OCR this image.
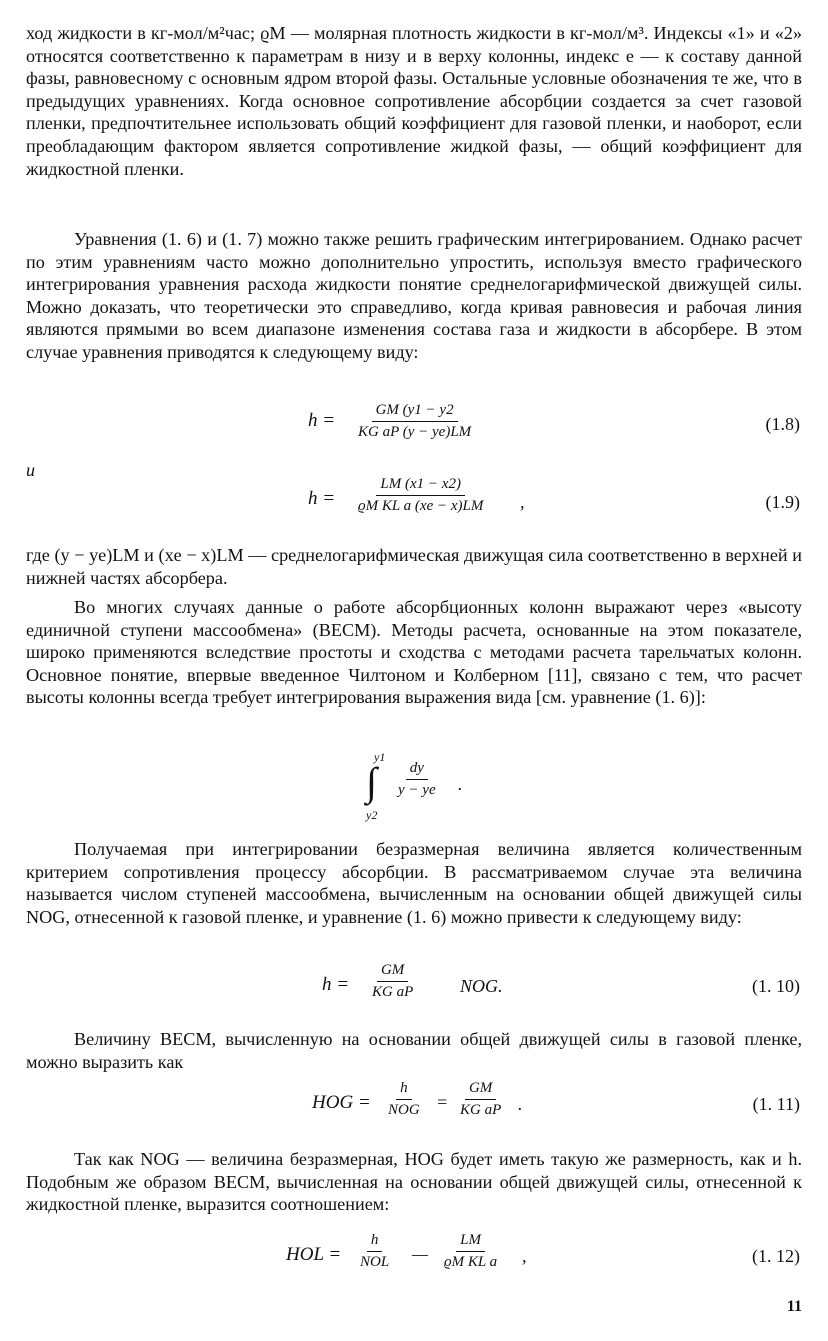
ход жидкости в кг-мол/м²час; ϱM — молярная плотность жидкости в кг-мол/м³. Индексы «1» и «2» относятся соответственно к параметрам в низу и в верху колонны, индекс e — к составу данной фазы, равновесному с основным ядром второй фазы. Остальные условные обозначения те же, что в предыдущих уравнениях. Когда основное сопротивление абсорбции создается за счет газовой пленки, предпочтительнее использовать общий коэффициент для газовой пленки, и наоборот, если преобладающим фактором является сопротивление жидкой фазы, — общий коэффициент для жидкостной пленки.

Уравнения (1. 6) и (1. 7) можно также решить графическим интегрированием. Однако расчет по этим уравнениям часто можно дополнительно упростить, используя вместо графического интегрирования уравнения расхода жидкости понятие среднелогарифмической движущей силы. Можно доказать, что теоретически это справедливо, когда кривая равновесия и рабочая линия являются прямыми во всем диапазоне изменения состава газа и жидкости в абсорбере. В этом случае уравнения приводятся к следующему виду:

$h = \frac{GM (y1 - y2}{\text{KG aP (y − ye)LM}}$	(1.8)
и
$h = \frac{LM (x1 - x2)}{\text{ϱM KL a (xe − x)LM}}$ ,	(1.9)

где (y − ye)LM и (xe − x)LM — среднелогарифмическая движущая сила соответственно в верхней и нижней частях абсорбера.

Во многих случаях данные о работе абсорбционных колонн выражают через «высоту единичной ступени массообмена» (ВЕСМ). Методы расчета, основанные на этом показателе, широко применяются вследствие простоты и сходства с методами расчета тарельчатых колонн. Основное понятие, впервые введенное Чилтоном и Колберном [11], связано с тем, что расчет высоты колонны всегда требует интегрирования выражения вида [см. уравнение (1. 6)]:

y1
∫
y2
$\frac{dy}{y - ye}$ .

Получаемая при интегрировании безразмерная величина является количественным критерием сопротивления процессу абсорбции. В рассматриваемом случае эта величина называется числом ступеней массообмена, вычисленным на основании общей движущей силы NOG, отнесенной к газовой пленке, и уравнение (1. 6) можно привести к следующему виду:

$h = \frac{GM}{\text{KG aP}}$ NOG.	(1. 10)

Величину ВЕСМ, вычисленную на основании общей движущей силы в газовой пленке, можно выразить как

HOG =
h
NOG = $\frac{GM}{\text{KG aP}}$ .	(1. 11)

Так как NOG — величина безразмерная, HOG будет иметь такую же размерность, как и h. Подобным же образом ВЕСМ, вычисленная на основании общей движущей силы, отнесенной к жидкостной пленке, выразится соотношением:

HOL =
h
NOL — $\frac{LM}{\text{ϱM KL a}}$ ,	(1. 12)
11
